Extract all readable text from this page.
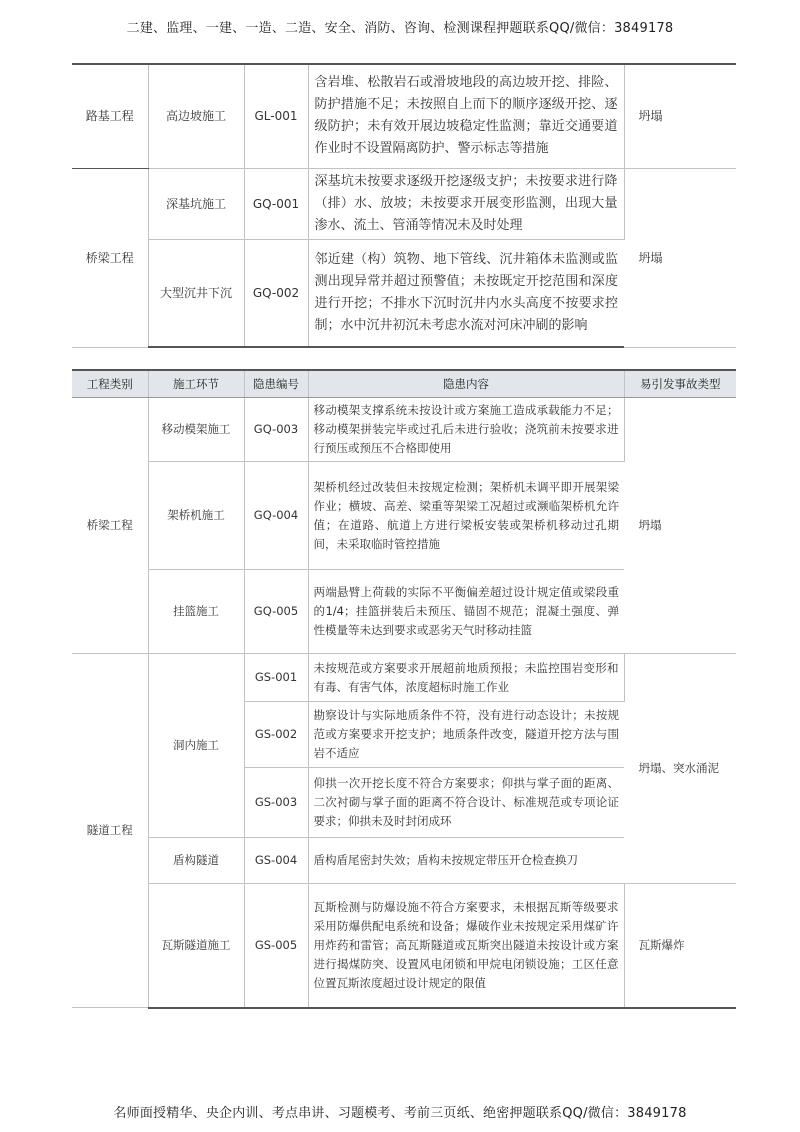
二建、监理、一建、一造、二造、安全、消防、咨询、检测课程押题联系QQ/微信：3849178
路基工程	高边坡施工	GL-001	含岩堆、松散岩石或滑坡地段的高边坡开挖、排险、防护措施不足；未按照自上而下的顺序逐级开挖、逐级防护；未有效开展边坡稳定性监测；靠近交通要道作业时不设置隔离防护、警示标志等措施	坍塌
桥梁工程	深基坑施工	GQ-001	深基坑未按要求逐级开挖逐级支护；未按要求进行降（排）水、放坡；未按要求开展变形监测，出现大量渗水、流土、管涌等情况未及时处理	坍塌
	大型沉井下沉	GQ-002	邻近建（构）筑物、地下管线、沉井箱体未监测或监测出现异常并超过预警值；未按既定开挖范围和深度进行开挖；不排水下沉时沉井内水头高度不按要求控制；水中沉井初沉未考虑水流对河床冲刷的影响	
工程类别	施工环节	隐患编号	隐患内容	易引发事故类型
桥梁工程	移动模架施工	GQ-003	移动模架支撑系统未按设计或方案施工造成承载能力不足；移动模架拼装完毕或过孔后未进行验收；浇筑前未按要求进行预压或预压不合格即使用	坍塌
	架桥机施工	GQ-004	架桥机经过改装但未按规定检测；架桥机未调平即开展架梁作业；横坡、高差、梁重等架梁工况超过或濒临架桥机允许值；在道路、航道上方进行梁板安装或架桥机移动过孔期间，未采取临时管控措施	
	挂篮施工	GQ-005	两端悬臂上荷载的实际不平衡偏差超过设计规定值或梁段重的1/4；挂篮拼装后未预压、锚固不规范；混凝土强度、弹性模量等未达到要求或恶劣天气时移动挂篮	
隧道工程	洞内施工	GS-001	未按规范或方案要求开展超前地质预报；未监控围岩变形和有毒、有害气体，浓度超标时施工作业	坍塌、突水涌泥
		GS-002	勘察设计与实际地质条件不符，没有进行动态设计；未按规范或方案要求开挖支护；地质条件改变，隧道开挖方法与围岩不适应	
		GS-003	仰拱一次开挖长度不符合方案要求；仰拱与掌子面的距离、二次衬砌与掌子面的距离不符合设计、标准规范或专项论证要求；仰拱未及时封闭成环	
	盾构隧道	GS-004	盾构盾尾密封失效；盾构未按规定带压开仓检查换刀	
	瓦斯隧道施工	GS-005	瓦斯检测与防爆设施不符合方案要求，未根据瓦斯等级要求采用防爆供配电系统和设备；爆破作业未按规定采用煤矿许用炸药和雷管；高瓦斯隧道或瓦斯突出隧道未按设计或方案进行揭煤防突、设置风电闭锁和甲烷电闭锁设施；工区任意位置瓦斯浓度超过设计规定的限值	瓦斯爆炸
名师面授精华、央企内训、考点串讲、习题模考、考前三页纸、绝密押题联系QQ/微信：3849178
